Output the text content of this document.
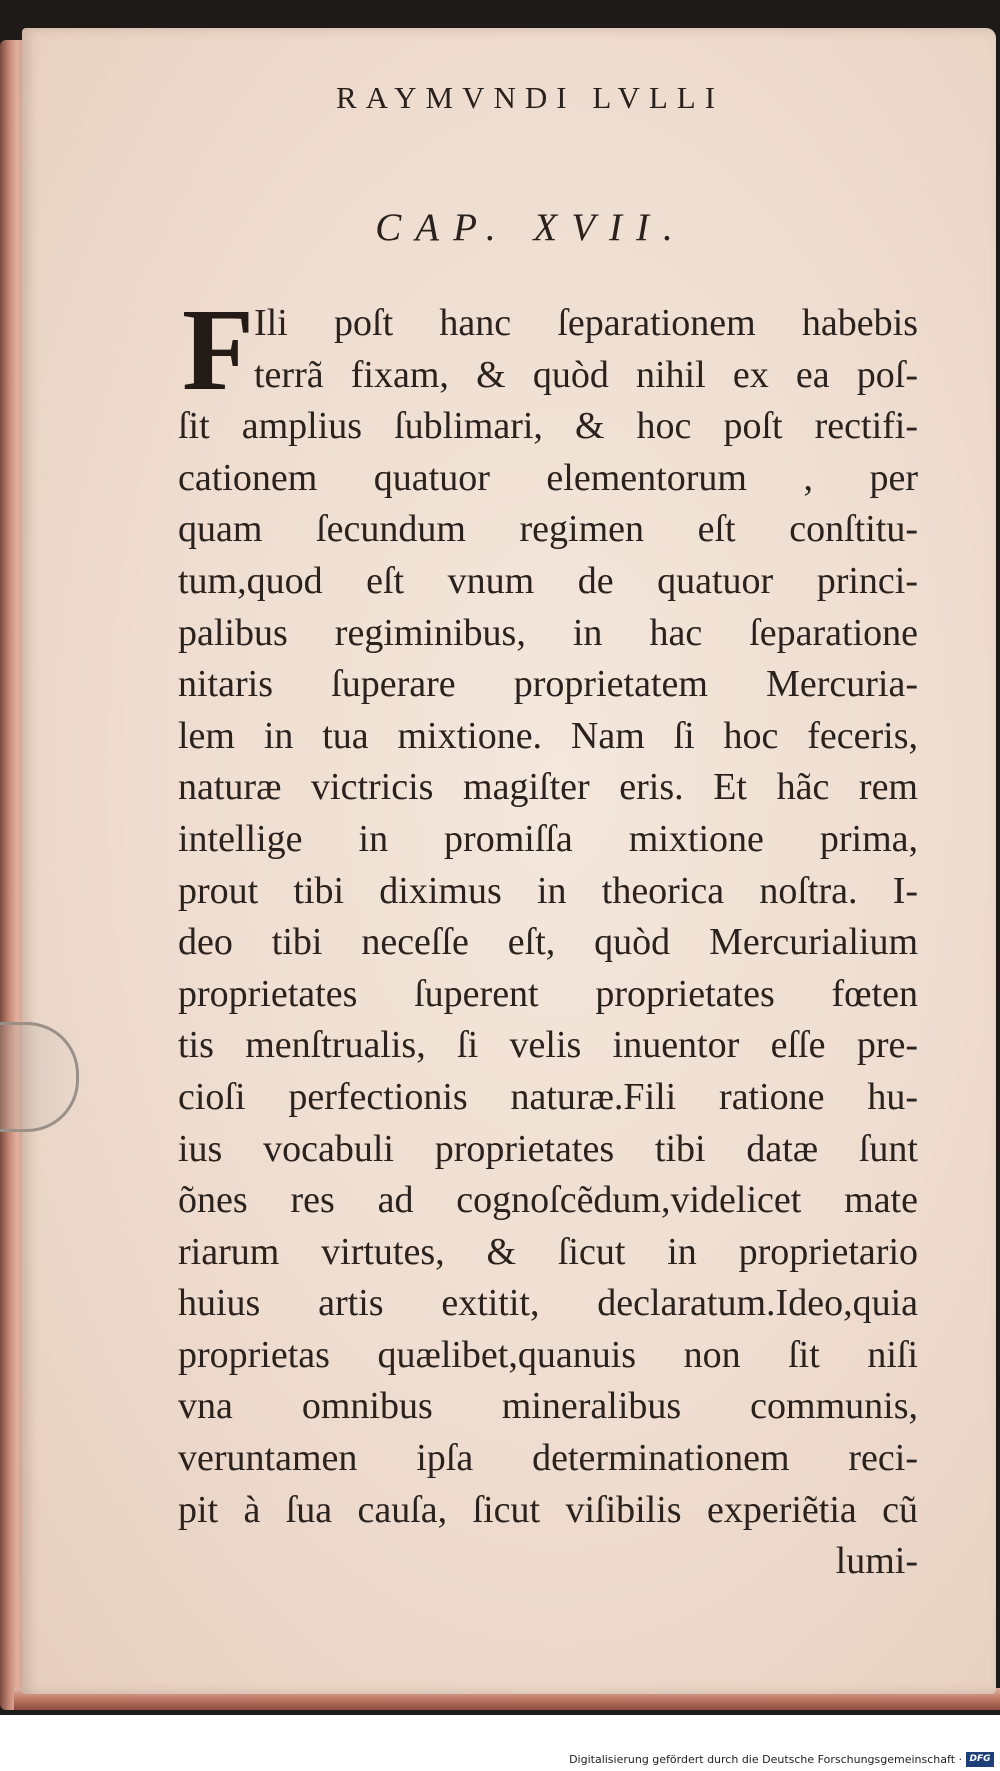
RAYMVNDI LVLLI
CAP. XVII.
F Ili poſt hanc ſeparationem habebis
terrã fixam, & quòd nihil ex ea poſ-
ſit amplius ſublimari, & hoc poſt rectifi-
cationem quatuor elementorum , per
quam ſecundum regimen eſt conſtitu-
tum,quod eſt vnum de quatuor princi-
palibus regiminibus, in hac ſeparatione
nitaris ſuperare proprietatem Mercuria-
lem in tua mixtione. Nam ſi hoc feceris,
naturæ victricis magiſter eris. Et hãc rem
intellige in promiſſa mixtione prima,
prout tibi diximus in theorica noſtra. I-
deo tibi neceſſe eſt, quòd Mercurialium
proprietates ſuperent proprietates fœten
tis menſtrualis, ſi velis inuentor eſſe pre-
cioſi perfectionis naturæ.Fili ratione hu-
ius vocabuli proprietates tibi datæ ſunt
õnes res ad cognoſcẽdum,videlicet mate
riarum virtutes, & ſicut in proprietario
huius artis extitit, declaratum.Ideo,quia
proprietas quælibet,quanuis non ſit niſi
vna omnibus mineralibus communis,
veruntamen ipſa determinationem reci-
pit à ſua cauſa, ſicut viſibilis experiẽtia cũ
lumi-
Digitalisierung gefördert durch die Deutsche Forschungsgemeinschaft · DFG
